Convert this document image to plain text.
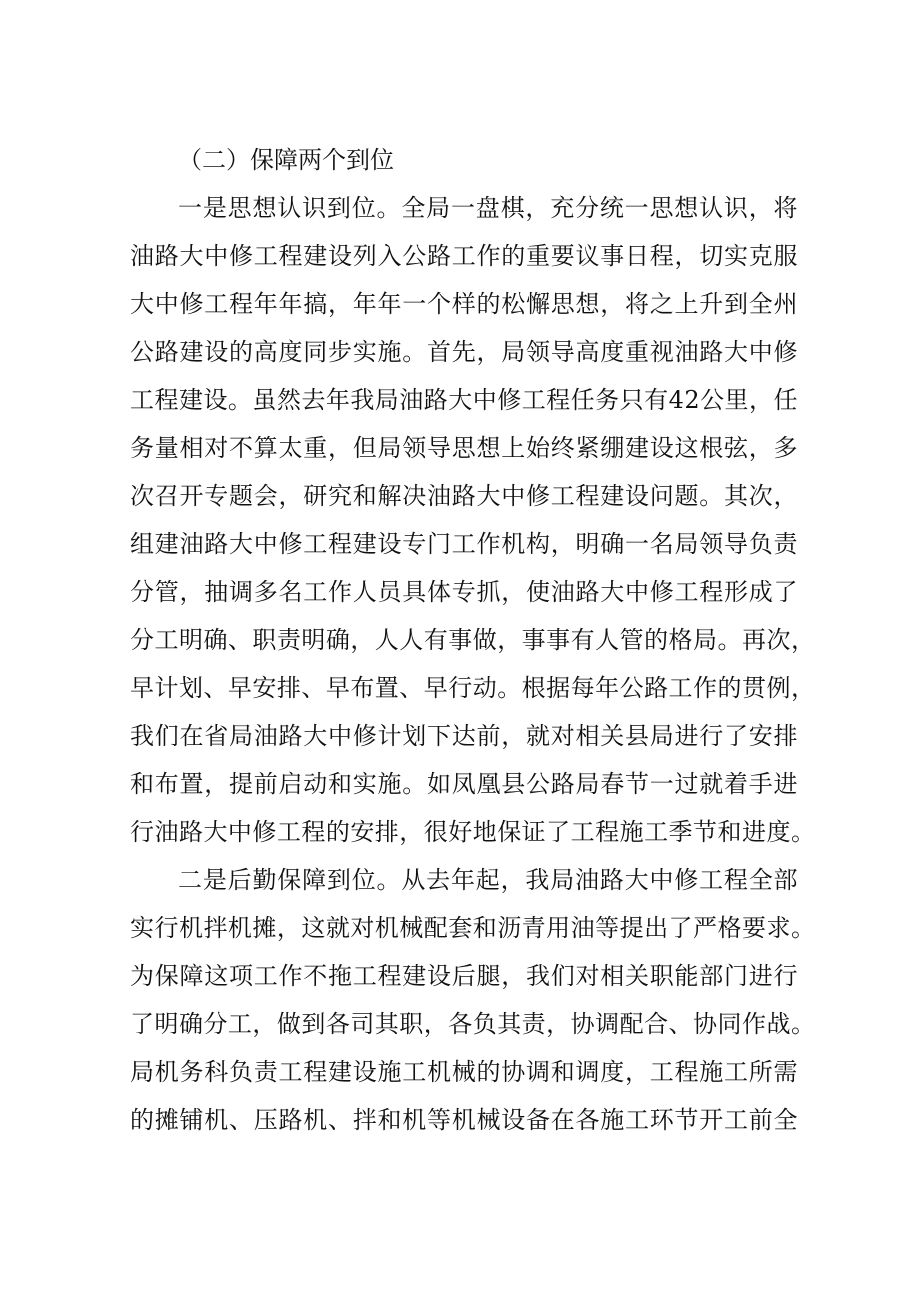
（二）保障两个到位

一是思想认识到位。全局一盘棋，充分统一思想认识，将
油路大中修工程建设列入公路工作的重要议事日程，切实克服
大中修工程年年搞，年年一个样的松懈思想，将之上升到全州
公路建设的高度同步实施。首先，局领导高度重视油路大中修
工程建设。虽然去年我局油路大中修工程任务只有42公里，任
务量相对不算太重，但局领导思想上始终紧绷建设这根弦，多
次召开专题会，研究和解决油路大中修工程建设问题。其次，
组建油路大中修工程建设专门工作机构，明确一名局领导负责
分管，抽调多名工作人员具体专抓，使油路大中修工程形成了
分工明确、职责明确，人人有事做，事事有人管的格局。再次，
早计划、早安排、早布置、早行动。根据每年公路工作的贯例，
我们在省局油路大中修计划下达前，就对相关县局进行了安排
和布置，提前启动和实施。如凤凰县公路局春节一过就着手进
行油路大中修工程的安排，很好地保证了工程施工季节和进度。

二是后勤保障到位。从去年起，我局油路大中修工程全部
实行机拌机摊，这就对机械配套和沥青用油等提出了严格要求。
为保障这项工作不拖工程建设后腿，我们对相关职能部门进行
了明确分工，做到各司其职，各负其责，协调配合、协同作战。
局机务科负责工程建设施工机械的协调和调度，工程施工所需
的摊铺机、压路机、拌和机等机械设备在各施工环节开工前全
